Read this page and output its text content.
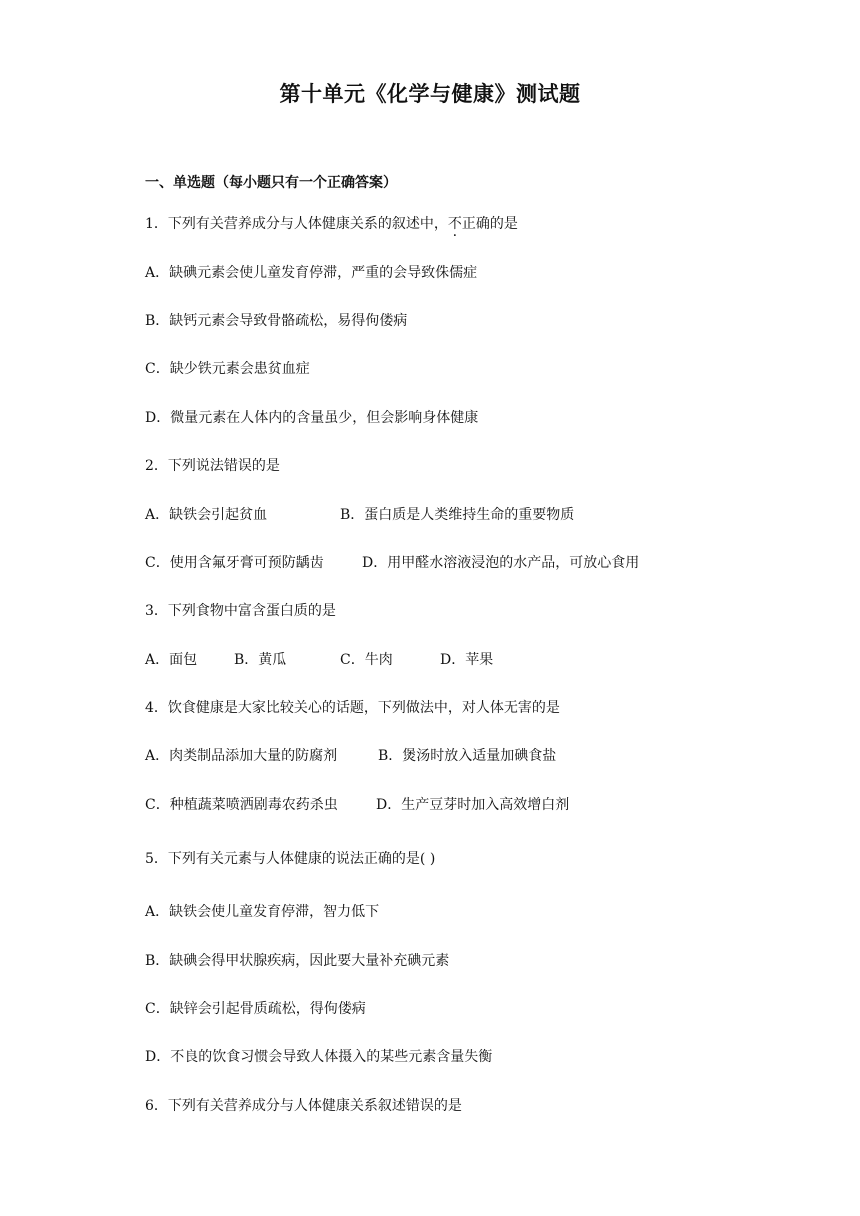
第十单元《化学与健康》测试题
一、单选题（每小题只有一个正确答案）
1．下列有关营养成分与人体健康关系的叙述中，不正确的是
A．缺碘元素会使儿童发育停滞，严重的会导致侏儒症
B．缺钙元素会导致骨骼疏松，易得佝偻病
C．缺少铁元素会患贫血症
D．微量元素在人体内的含量虽少，但会影响身体健康
2．下列说法错误的是
A．缺铁会引起贫血	B．蛋白质是人类维持生命的重要物质
C．使用含氟牙膏可预防龋齿	D．用甲醛水溶液浸泡的水产品，可放心食用
3．下列食物中富含蛋白质的是
A．面包	B．黄瓜	C．牛肉	D．苹果
4．饮食健康是大家比较关心的话题，下列做法中，对人体无害的是
A．肉类制品添加大量的防腐剂	B．煲汤时放入适量加碘食盐
C．种植蔬菜喷洒剧毒农药杀虫	D．生产豆芽时加入高效增白剂
5．下列有关元素与人体健康的说法正确的是( )
A．缺铁会使儿童发育停滞，智力低下
B．缺碘会得甲状腺疾病，因此要大量补充碘元素
C．缺锌会引起骨质疏松，得佝偻病
D．不良的饮食习惯会导致人体摄入的某些元素含量失衡
6．下列有关营养成分与人体健康关系叙述错误的是
